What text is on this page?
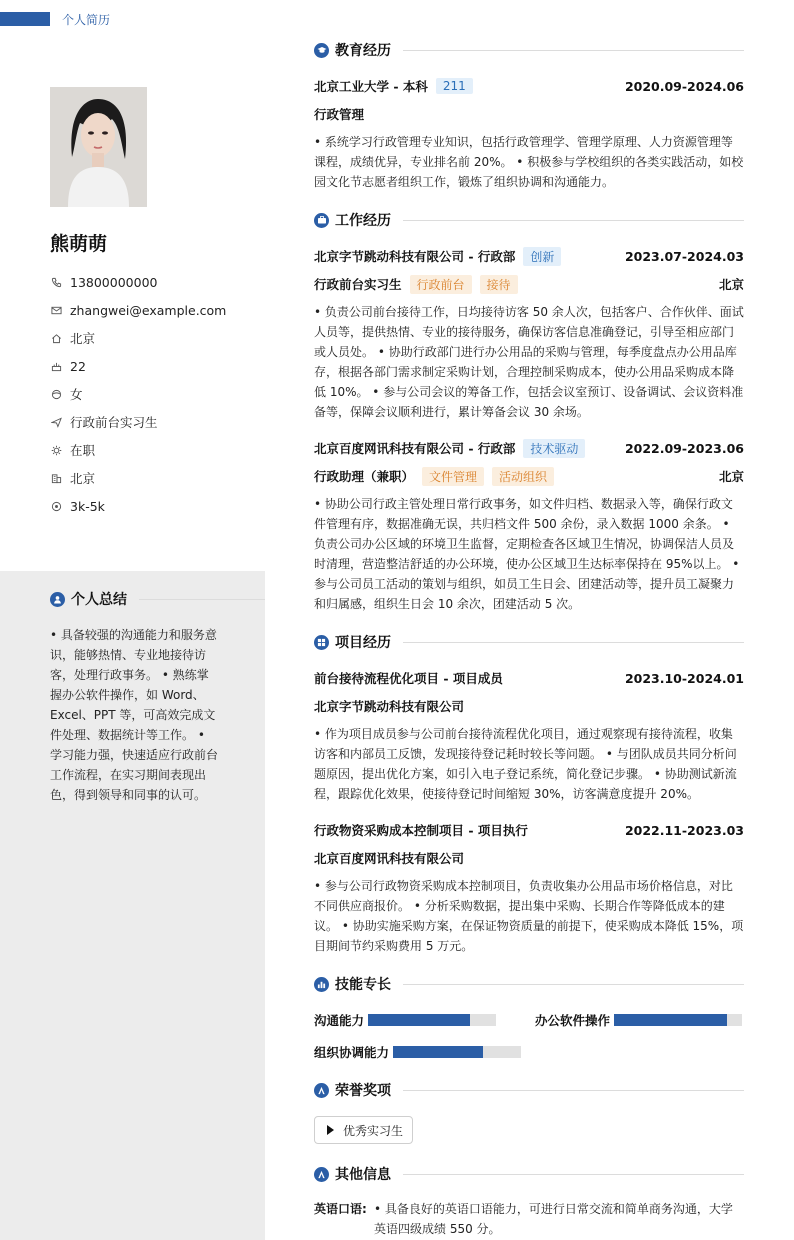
个人简历
熊萌萌
13800000000
zhangwei@example.com
北京
22
女
行政前台实习生
在职
北京
3k-5k
个人总结

• 具备较强的沟通能力和服务意识，能够热情、专业地接待访客，处理行政事务。 • 熟练掌握办公软件操作，如 Word、Excel、PPT 等，可高效完成文件处理、数据统计等工作。 • 学习能力强，快速适应行政前台工作流程，在实习期间表现出色，得到领导和同事的认可。

教育经历
北京工业大学 - 本科	211	2020.09-2024.06
行政管理

• 系统学习行政管理专业知识，包括行政管理学、管理学原理、人力资源管理等课程，成绩优异，专业排名前 20%。 • 积极参与学校组织的各类实践活动，如校园文化节志愿者组织工作，锻炼了组织协调和沟通能力。

工作经历
北京字节跳动科技有限公司 - 行政部	创新	2023.07-2024.03
行政前台实习生	行政前台	接待	北京

• 负责公司前台接待工作，日均接待访客 50 余人次，包括客户、合作伙伴、面试人员等，提供热情、专业的接待服务，确保访客信息准确登记，引导至相应部门或人员处。 • 协助行政部门进行办公用品的采购与管理，每季度盘点办公用品库存，根据各部门需求制定采购计划，合理控制采购成本，使办公用品采购成本降低 10%。 • 参与公司会议的筹备工作，包括会议室预订、设备调试、会议资料准备等，保障会议顺利进行，累计筹备会议 30 余场。

北京百度网讯科技有限公司 - 行政部	技术驱动	2022.09-2023.06
行政助理（兼职）	文件管理	活动组织	北京

• 协助公司行政主管处理日常行政事务，如文件归档、数据录入等，确保行政文件管理有序，数据准确无误，共归档文件 500 余份，录入数据 1000 余条。 • 负责公司办公区域的环境卫生监督，定期检查各区域卫生情况，协调保洁人员及时清理，营造整洁舒适的办公环境，使办公区域卫生达标率保持在 95%以上。 • 参与公司员工活动的策划与组织，如员工生日会、团建活动等，提升员工凝聚力和归属感，组织生日会 10 余次，团建活动 5 次。

项目经历
前台接待流程优化项目 - 项目成员	2023.10-2024.01
北京字节跳动科技有限公司

• 作为项目成员参与公司前台接待流程优化项目，通过观察现有接待流程，收集访客和内部员工反馈，发现接待登记耗时较长等问题。 • 与团队成员共同分析问题原因，提出优化方案，如引入电子登记系统，简化登记步骤。 • 协助测试新流程，跟踪优化效果，使接待登记时间缩短 30%，访客满意度提升 20%。

行政物资采购成本控制项目 - 项目执行	2022.11-2023.03
北京百度网讯科技有限公司

• 参与公司行政物资采购成本控制项目，负责收集办公用品市场价格信息，对比不同供应商报价。 • 分析采购数据，提出集中采购、长期合作等降低成本的建议。 • 协助实施采购方案，在保证物资质量的前提下，使采购成本降低 15%，项目期间节约采购费用 5 万元。

技能专长
沟通能力	办公软件操作
组织协调能力
荣誉奖项
优秀实习生
其他信息
英语口语: • 具备良好的英语口语能力，可进行日常交流和简单商务沟通，大学英语四级成绩 550 分。
